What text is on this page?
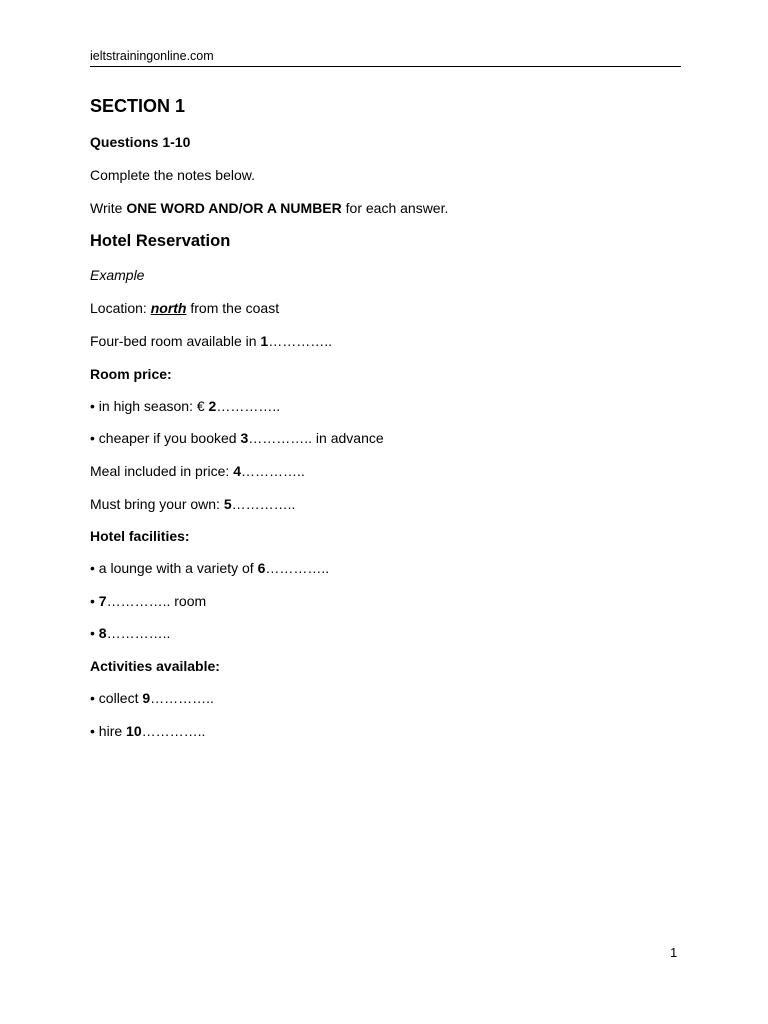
ieltstrainingonline.com
SECTION 1
Questions 1-10
Complete the notes below.
Write ONE WORD AND/OR A NUMBER for each answer.
Hotel Reservation
Example
Location: north from the coast
Four-bed room available in 1…………..
Room price:
• in high season: € 2…………..
• cheaper if you booked 3………….. in advance
Meal included in price: 4…………..
Must bring your own: 5…………..
Hotel facilities:
• a lounge with a variety of 6…………..
• 7………….. room
• 8…………..
Activities available:
• collect 9…………..
• hire 10…………..
1
